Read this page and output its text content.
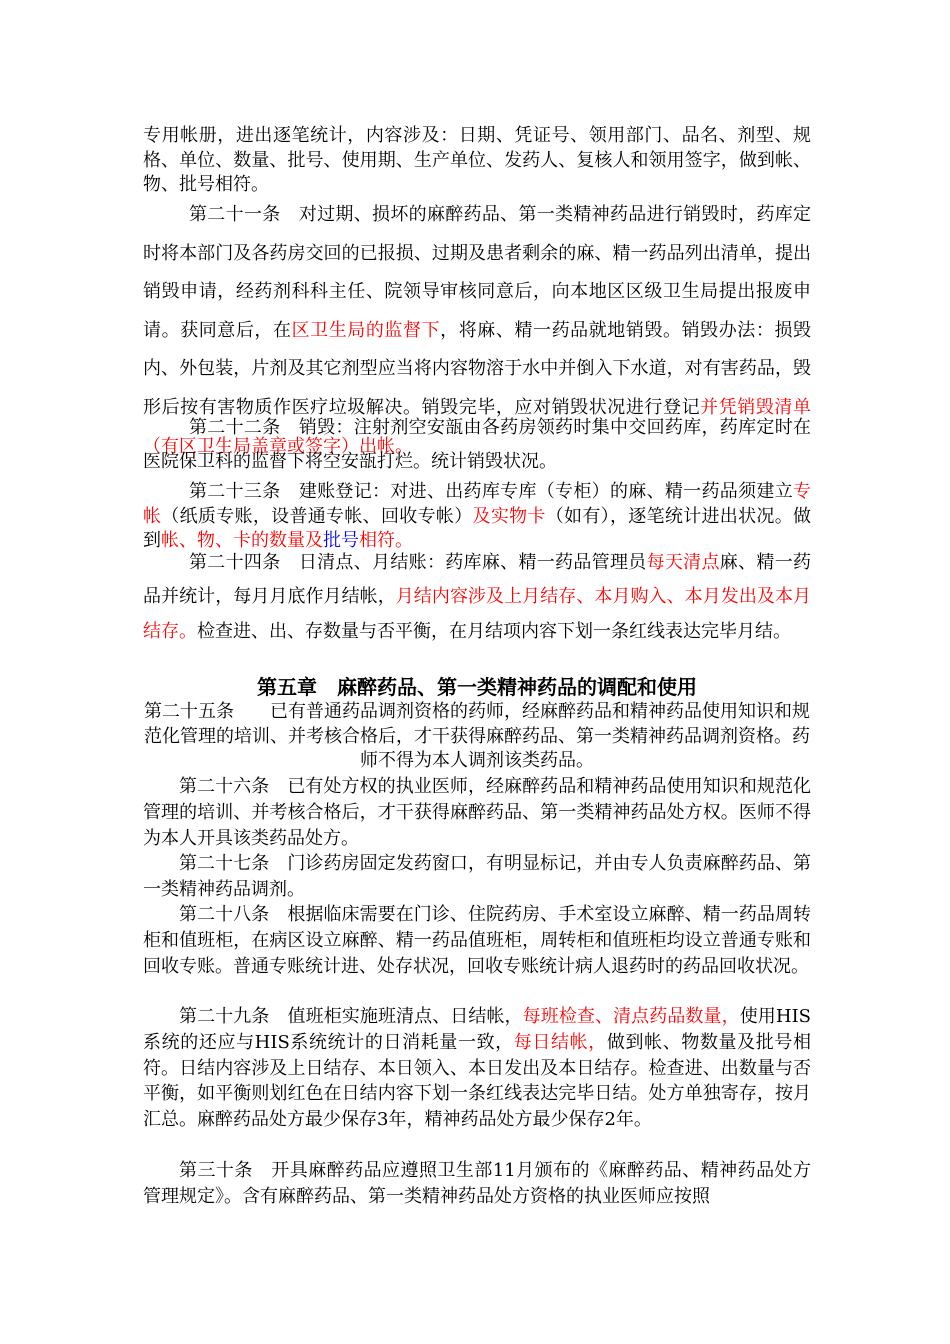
专用帐册，进出逐笔统计，内容涉及：日期、凭证号、领用部门、品名、剂型、规格、单位、数量、批号、使用期、生产单位、发药人、复核人和领用签字，做到帐、物、批号相符。

第二十一条　对过期、损坏的麻醉药品、第一类精神药品进行销毁时，药库定时将本部门及各药房交回的已报损、过期及患者剩余的麻、精一药品列出清单，提出销毁申请，经药剂科科主任、院领导审核同意后，向本地区区级卫生局提出报废申请。获同意后，在区卫生局的监督下，将麻、精一药品就地销毁。销毁办法：损毁内、外包装，片剂及其它剂型应当将内容物溶于水中并倒入下水道，对有害药品，毁形后按有害物质作医疗垃圾解决。销毁完毕，应对销毁状况进行登记并凭销毁清单（有区卫生局盖章或签字）出帐。

第二十二条　销毁：注射剂空安瓿由各药房领药时集中交回药库，药库定时在医院保卫科的监督下将空安瓿打烂。统计销毁状况。

第二十三条　建账登记：对进、出药库专库（专柜）的麻、精一药品须建立专帐（纸质专账，设普通专帐、回收专帐）及实物卡（如有），逐笔统计进出状况。做到帐、物、卡的数量及批号相符。

第二十四条　日清点、月结账：药库麻、精一药品管理员每天清点麻、精一药品并统计，每月月底作月结帐，月结内容涉及上月结存、本月购入、本月发出及本月结存。检查进、出、存数量与否平衡，在月结项内容下划一条红线表达完毕月结。

第五章　麻醉药品、第一类精神药品的调配和使用

第二十五条　　已有普通药品调剂资格的药师，经麻醉药品和精神药品使用知识和规范化管理的培训、并考核合格后，才干获得麻醉药品、第一类精神药品调剂资格。药师不得为本人调剂该类药品。

第二十六条　已有处方权的执业医师，经麻醉药品和精神药品使用知识和规范化管理的培训、并考核合格后，才干获得麻醉药品、第一类精神药品处方权。医师不得为本人开具该类药品处方。

第二十七条　门诊药房固定发药窗口，有明显标记，并由专人负责麻醉药品、第一类精神药品调剂。

第二十八条　根据临床需要在门诊、住院药房、手术室设立麻醉、精一药品周转柜和值班柜，在病区设立麻醉、精一药品值班柜，周转柜和值班柜均设立普通专账和回收专账。普通专账统计进、处存状况，回收专账统计病人退药时的药品回收状况。

第二十九条　值班柜实施班清点、日结帐，每班检查、清点药品数量，使用HIS系统的还应与HIS系统统计的日消耗量一致，每日结帐，做到帐、物数量及批号相符。日结内容涉及上日结存、本日领入、本日发出及本日结存。检查进、出数量与否平衡，如平衡则划红色在日结内容下划一条红线表达完毕日结。处方单独寄存，按月汇总。麻醉药品处方最少保存3年，精神药品处方最少保存2年。

第三十条　开具麻醉药品应遵照卫生部11月颁布的《麻醉药品、精神药品处方管理规定》。含有麻醉药品、第一类精神药品处方资格的执业医师应按照
